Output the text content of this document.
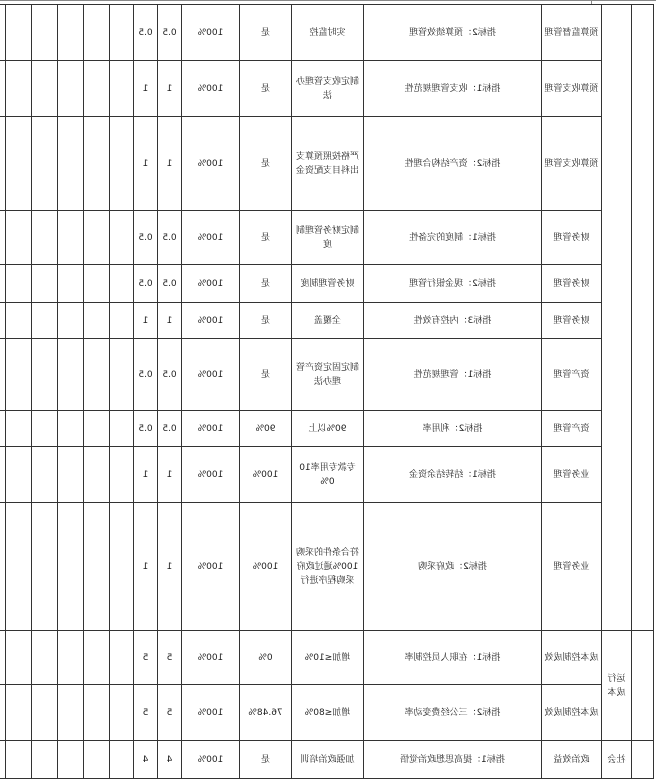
		预算监督管理	指标2：预算绩效管理	实时监控	是	100%	0.5	0.5						
		预算收支管理	指标1：收支管理规范性	制定收支管理办法	是	100%	1	1						
		预算收支管理	指标2：资产结构合理性	严格按照预算支出科目支配资金	是	100%	1	1						
		财务管理	指标1：制度的完备性	制定财务管理制度	是	100%	0.5	0.5						
		财务管理	指标2：现金银行管理	财务管理制度	是	100%	0.5	0.5						
		财务管理	指标3：内控有效性	全覆盖	是	100%	1	1						
		资产管理	指标1：管理规范性	制定固定资产管理办法	是	100%	0.5	0.5						
		资产管理	指标2：利用率	90%以上	90%	100%	0.5	0.5						
		业务管理	指标1：结转结余资金	专款专用率100%	100%	100%	1	1						
		业务管理	指标2：政府采购	符合条件的采购100%通过政府采购程序进行	100%	100%	1	1						
	运行成本	成本控制成效	指标1：在职人员控制率	增加≤10%	0%	100%	5	5						
		成本控制成效	指标2：三公经费变动率	增加≤80%	76.48%	100%	5	5						
	社会	政治效益	指标1：提高思想政治觉悟	加强政治培训	是	100%	4	4						
